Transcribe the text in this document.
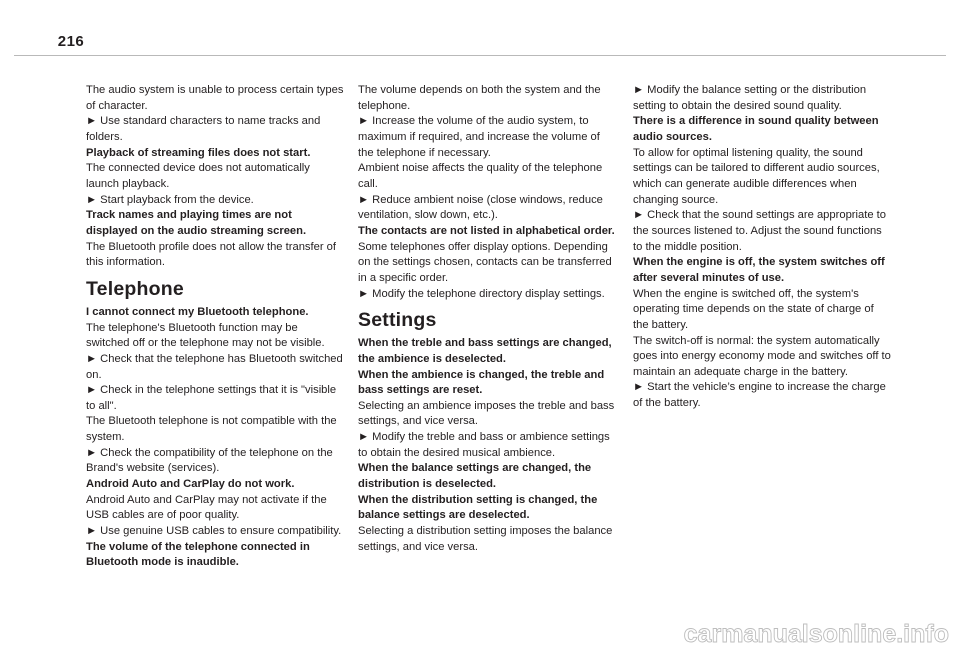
216

The audio system is unable to process certain types of character.

► Use standard characters to name tracks and folders.

Playback of streaming files does not start.

The connected device does not automatically launch playback.

► Start playback from the device.

Track names and playing times are not displayed on the audio streaming screen.

The Bluetooth profile does not allow the transfer of this information.

Telephone

I cannot connect my Bluetooth telephone.

The telephone's Bluetooth function may be switched off or the telephone may not be visible.

► Check that the telephone has Bluetooth switched on.

► Check in the telephone settings that it is "visible to all".

The Bluetooth telephone is not compatible with the system.

► Check the compatibility of the telephone on the Brand's website (services).

Android Auto and CarPlay do not work.

Android Auto and CarPlay may not activate if the USB cables are of poor quality.

► Use genuine USB cables to ensure compatibility.

The volume of the telephone connected in Bluetooth mode is inaudible.

The volume depends on both the system and the telephone.

► Increase the volume of the audio system, to maximum if required, and increase the volume of the telephone if necessary.

Ambient noise affects the quality of the telephone call.

► Reduce ambient noise (close windows, reduce ventilation, slow down, etc.).

The contacts are not listed in alphabetical order.

Some telephones offer display options. Depending on the settings chosen, contacts can be transferred in a specific order.

► Modify the telephone directory display settings.

Settings

When the treble and bass settings are changed, the ambience is deselected.

When the ambience is changed, the treble and bass settings are reset.

Selecting an ambience imposes the treble and bass settings, and vice versa.

► Modify the treble and bass or ambience settings to obtain the desired musical ambience.

When the balance settings are changed, the distribution is deselected.

When the distribution setting is changed, the balance settings are deselected.

Selecting a distribution setting imposes the balance settings, and vice versa.

► Modify the balance setting or the distribution setting to obtain the desired sound quality.

There is a difference in sound quality between audio sources.

To allow for optimal listening quality, the sound settings can be tailored to different audio sources, which can generate audible differences when changing source.

► Check that the sound settings are appropriate to the sources listened to. Adjust the sound functions to the middle position.

When the engine is off, the system switches off after several minutes of use.

When the engine is switched off, the system's operating time depends on the state of charge of the battery.

The switch-off is normal: the system automatically goes into energy economy mode and switches off to maintain an adequate charge in the battery.

► Start the vehicle’s engine to increase the charge of the battery.

carmanualsonline.info
